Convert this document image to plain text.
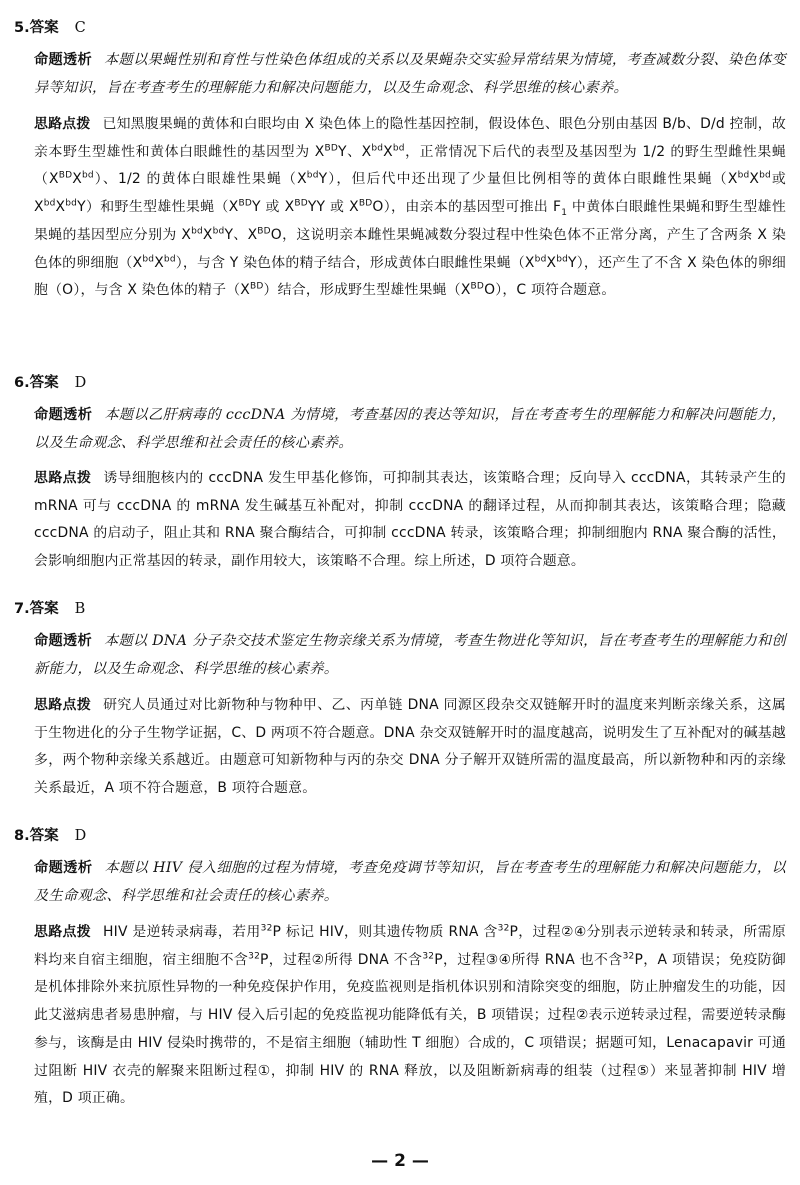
5.答案 C

命题透析 本题以果蝇性别和育性与性染色体组成的关系以及果蝇杂交实验异常结果为情境，考查减数分裂、染色体变异等知识，旨在考查考生的理解能力和解决问题能力，以及生命观念、科学思维的核心素养。

思路点拨 已知黑腹果蝇的黄体和白眼均由 X 染色体上的隐性基因控制，假设体色、眼色分别由基因 B/b、D/d 控制，故亲本野生型雄性和黄体白眼雌性的基因型为 $X^{BD}Y$、$X^{bd}X^{bd}$，正常情况下后代的表型及基因型为 1/2 的野生型雌性果蝇$(X^{BD}X^{bd})$、1/2 的黄体白眼雄性果蝇$(X^{bd}Y)$，但后代中还出现了少量但比例相等的黄体白眼雌性果蝇（$X^{bd}X^{bd}$或 $X^{bd}X^{bd}Y$）和野生型雄性果蝇（$X^{BD}Y$ 或 $X^{BD}YY$ 或 $X^{BD}O$），由亲本的基因型可推出 $F_1$ 中黄体白眼雌性果蝇和野生型雄性果蝇的基因型应分别为 $X^{bd}X^{bd}Y$、$X^{BD}O$，这说明亲本雌性果蝇减数分裂过程中性染色体不正常分离，产生了含两条 X 染色体的卵细胞$(X^{bd}X^{bd})$，与含 Y 染色体的精子结合，形成黄体白眼雌性果蝇$(X^{bd}X^{bd}Y)$，还产生了不含 X 染色体的卵细胞（O），与含 X 染色体的精子$(X^{BD})$结合，形成野生型雄性果蝇$(X^{BD}O)$，C 项符合题意。

6.答案 D

命题透析 本题以乙肝病毒的 cccDNA 为情境，考查基因的表达等知识，旨在考查考生的理解能力和解决问题能力，以及生命观念、科学思维和社会责任的核心素养。

思路点拨 诱导细胞核内的 cccDNA 发生甲基化修饰，可抑制其表达，该策略合理；反向导入 cccDNA，其转录产生的 mRNA 可与 cccDNA 的 mRNA 发生碱基互补配对，抑制 cccDNA 的翻译过程，从而抑制其表达，该策略合理；隐藏 cccDNA 的启动子，阻止其和 RNA 聚合酶结合，可抑制 cccDNA 转录，该策略合理；抑制细胞内 RNA 聚合酶的活性，会影响细胞内正常基因的转录，副作用较大，该策略不合理。综上所述，D 项符合题意。

7.答案 B

命题透析 本题以 DNA 分子杂交技术鉴定生物亲缘关系为情境，考查生物进化等知识，旨在考查考生的理解能力和创新能力，以及生命观念、科学思维的核心素养。

思路点拨 研究人员通过对比新物种与物种甲、乙、丙单链 DNA 同源区段杂交双链解开时的温度来判断亲缘关系，这属于生物进化的分子生物学证据，C、D 两项不符合题意。DNA 杂交双链解开时的温度越高，说明发生了互补配对的碱基越多，两个物种亲缘关系越近。由题意可知新物种与丙的杂交 DNA 分子解开双链所需的温度最高，所以新物种和丙的亲缘关系最近，A 项不符合题意，B 项符合题意。

8.答案 D

命题透析 本题以 HIV 侵入细胞的过程为情境，考查免疫调节等知识，旨在考查考生的理解能力和解决问题能力，以及生命观念、科学思维和社会责任的核心素养。

思路点拨 HIV 是逆转录病毒，若用$^{32}$P 标记 HIV，则其遗传物质 RNA 含$^{32}$P，过程②④分别表示逆转录和转录，所需原料均来自宿主细胞，宿主细胞不含$^{32}$P，过程②所得 DNA 不含$^{32}$P，过程③④所得 RNA 也不含$^{32}$P，A 项错误；免疫防御是机体排除外来抗原性异物的一种免疫保护作用，免疫监视则是指机体识别和清除突变的细胞，防止肿瘤发生的功能，因此艾滋病患者易患肿瘤，与 HIV 侵入后引起的免疫监视功能降低有关，B 项错误；过程②表示逆转录过程，需要逆转录酶参与，该酶是由 HIV 侵染时携带的，不是宿主细胞（辅助性 T 细胞）合成的，C 项错误；据题可知，Lenacapavir 可通过阻断 HIV 衣壳的解聚来阻断过程①，抑制 HIV 的 RNA 释放，以及阻断新病毒的组装（过程⑤）来显著抑制 HIV 增殖，D 项正确。

— 2 —
